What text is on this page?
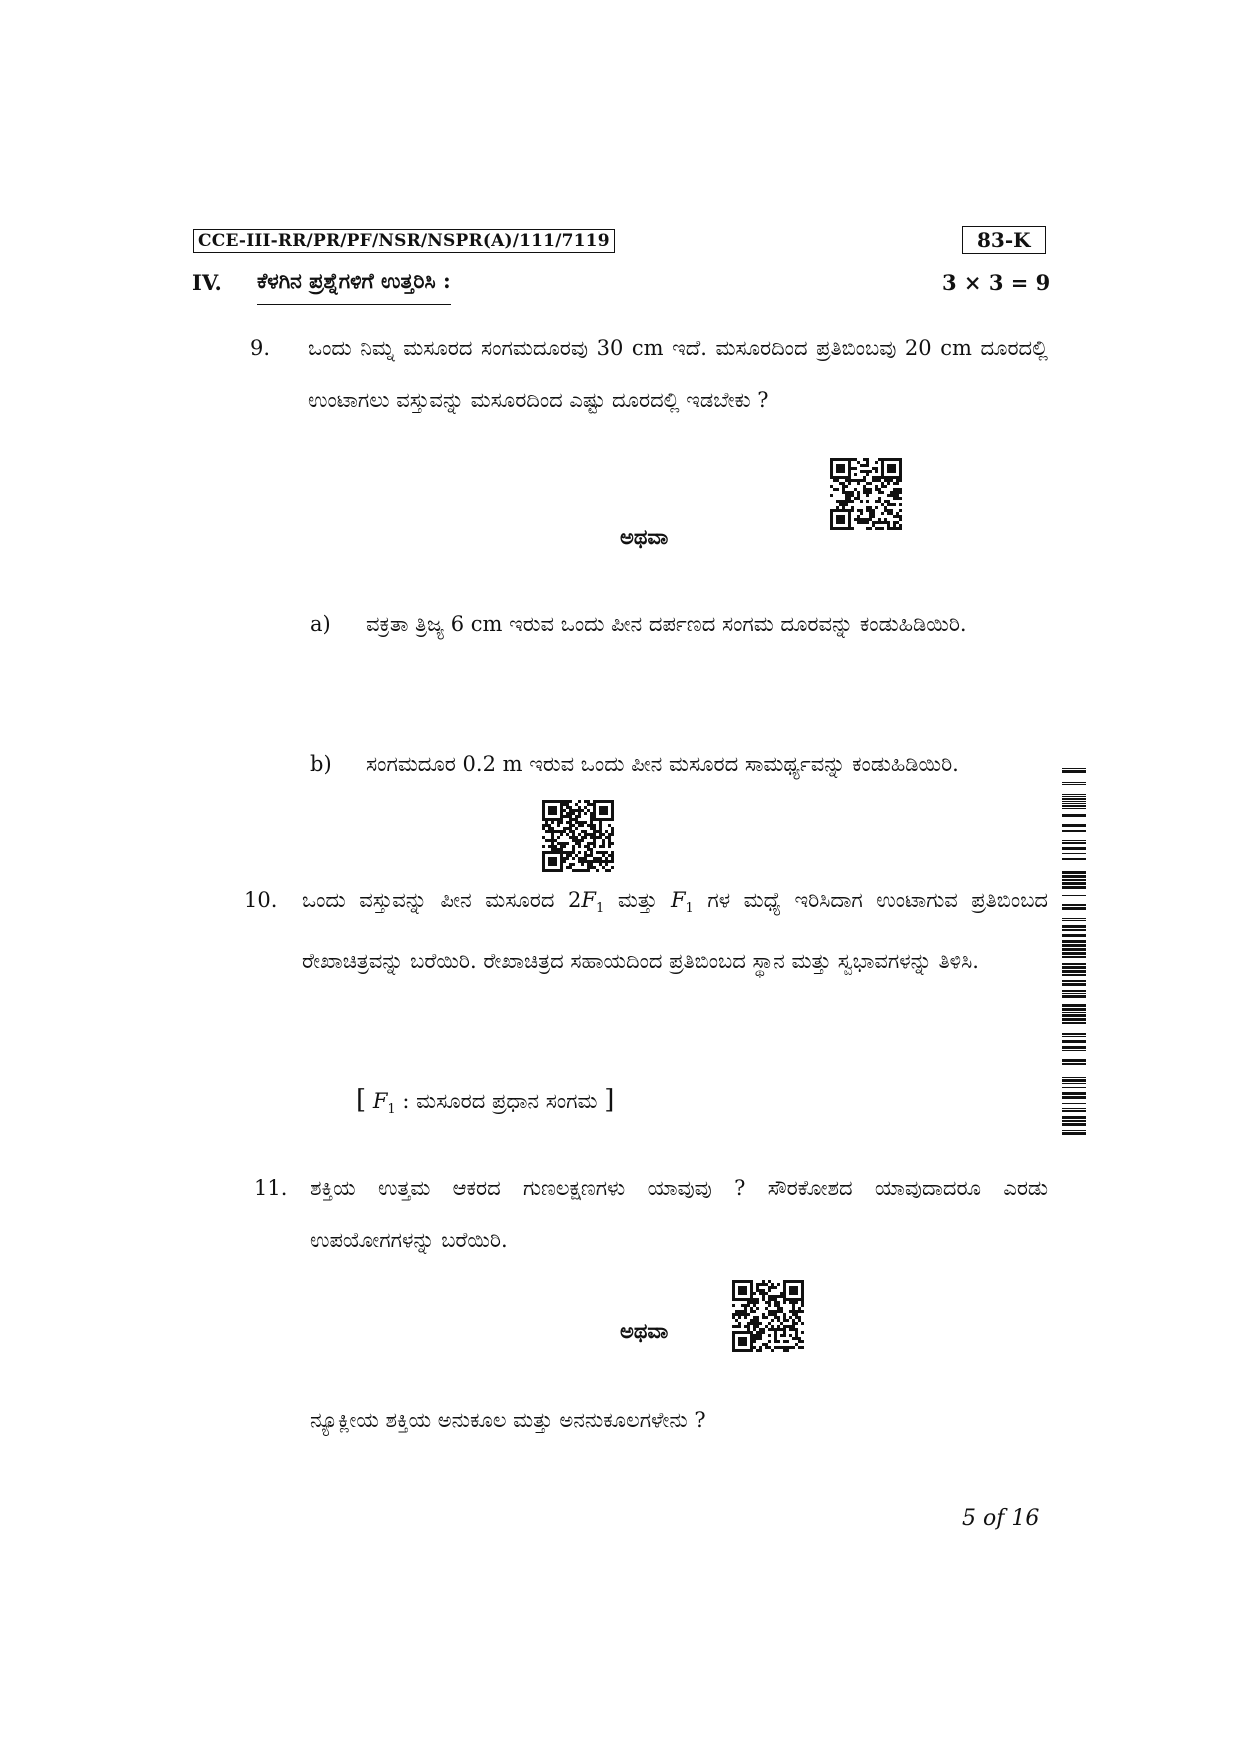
CCE-III-RR/PR/PF/NSR/NSPR(A)/111/7119	83-K
IV. ಕೆಳಗಿನ ಪ್ರಶ್ನೆಗಳಿಗೆ ಉತ್ತರಿಸಿ :	3 × 3 = 9
9. ಒಂದು ನಿಮ್ನ ಮಸೂರದ ಸಂಗಮದೂರವು 30 cm ಇದೆ. ಮಸೂರದಿಂದ ಪ್ರತಿಬಿಂಬವು 20 cm ದೂರದಲ್ಲಿ ಉಂಟಾಗಲು ವಸ್ತುವನ್ನು ಮಸೂರದಿಂದ ಎಷ್ಟು ದೂರದಲ್ಲಿ ಇಡಬೇಕು ?
ಅಥವಾ
a) ವಕ್ರತಾ ತ್ರಿಜ್ಯ 6 cm ಇರುವ ಒಂದು ಪೀನ ದರ್ಪಣದ ಸಂಗಮ ದೂರವನ್ನು ಕಂಡುಹಿಡಿಯಿರಿ.
b) ಸಂಗಮದೂರ 0.2 m ಇರುವ ಒಂದು ಪೀನ ಮಸೂರದ ಸಾಮರ್ಥ್ಯವನ್ನು ಕಂಡುಹಿಡಿಯಿರಿ.
10. ಒಂದು ವಸ್ತುವನ್ನು ಪೀನ ಮಸೂರದ $2F_1$ ಮತ್ತು $F_1$ ಗಳ ಮಧ್ಯೆ ಇರಿಸಿದಾಗ ಉಂಟಾಗುವ ಪ್ರತಿಬಿಂಬದ ರೇಖಾಚಿತ್ರವನ್ನು ಬರೆಯಿರಿ. ರೇಖಾಚಿತ್ರದ ಸಹಾಯದಿಂದ ಪ್ರತಿಬಿಂಬದ ಸ್ಥಾನ ಮತ್ತು ಸ್ವಭಾವಗಳನ್ನು ತಿಳಿಸಿ.
[ $F_1$ : ಮಸೂರದ ಪ್ರಧಾನ ಸಂಗಮ ]
11. ಶಕ್ತಿಯ ಉತ್ತಮ ಆಕರದ ಗುಣಲಕ್ಷಣಗಳು ಯಾವುವು ? ಸೌರಕೋಶದ ಯಾವುದಾದರೂ ಎರಡು ಉಪಯೋಗಗಳನ್ನು ಬರೆಯಿರಿ.
ಅಥವಾ
ನ್ಯೂಕ್ಲೀಯ ಶಕ್ತಿಯ ಅನುಕೂಲ ಮತ್ತು ಅನನುಕೂಲಗಳೇನು ?
5 of 16
